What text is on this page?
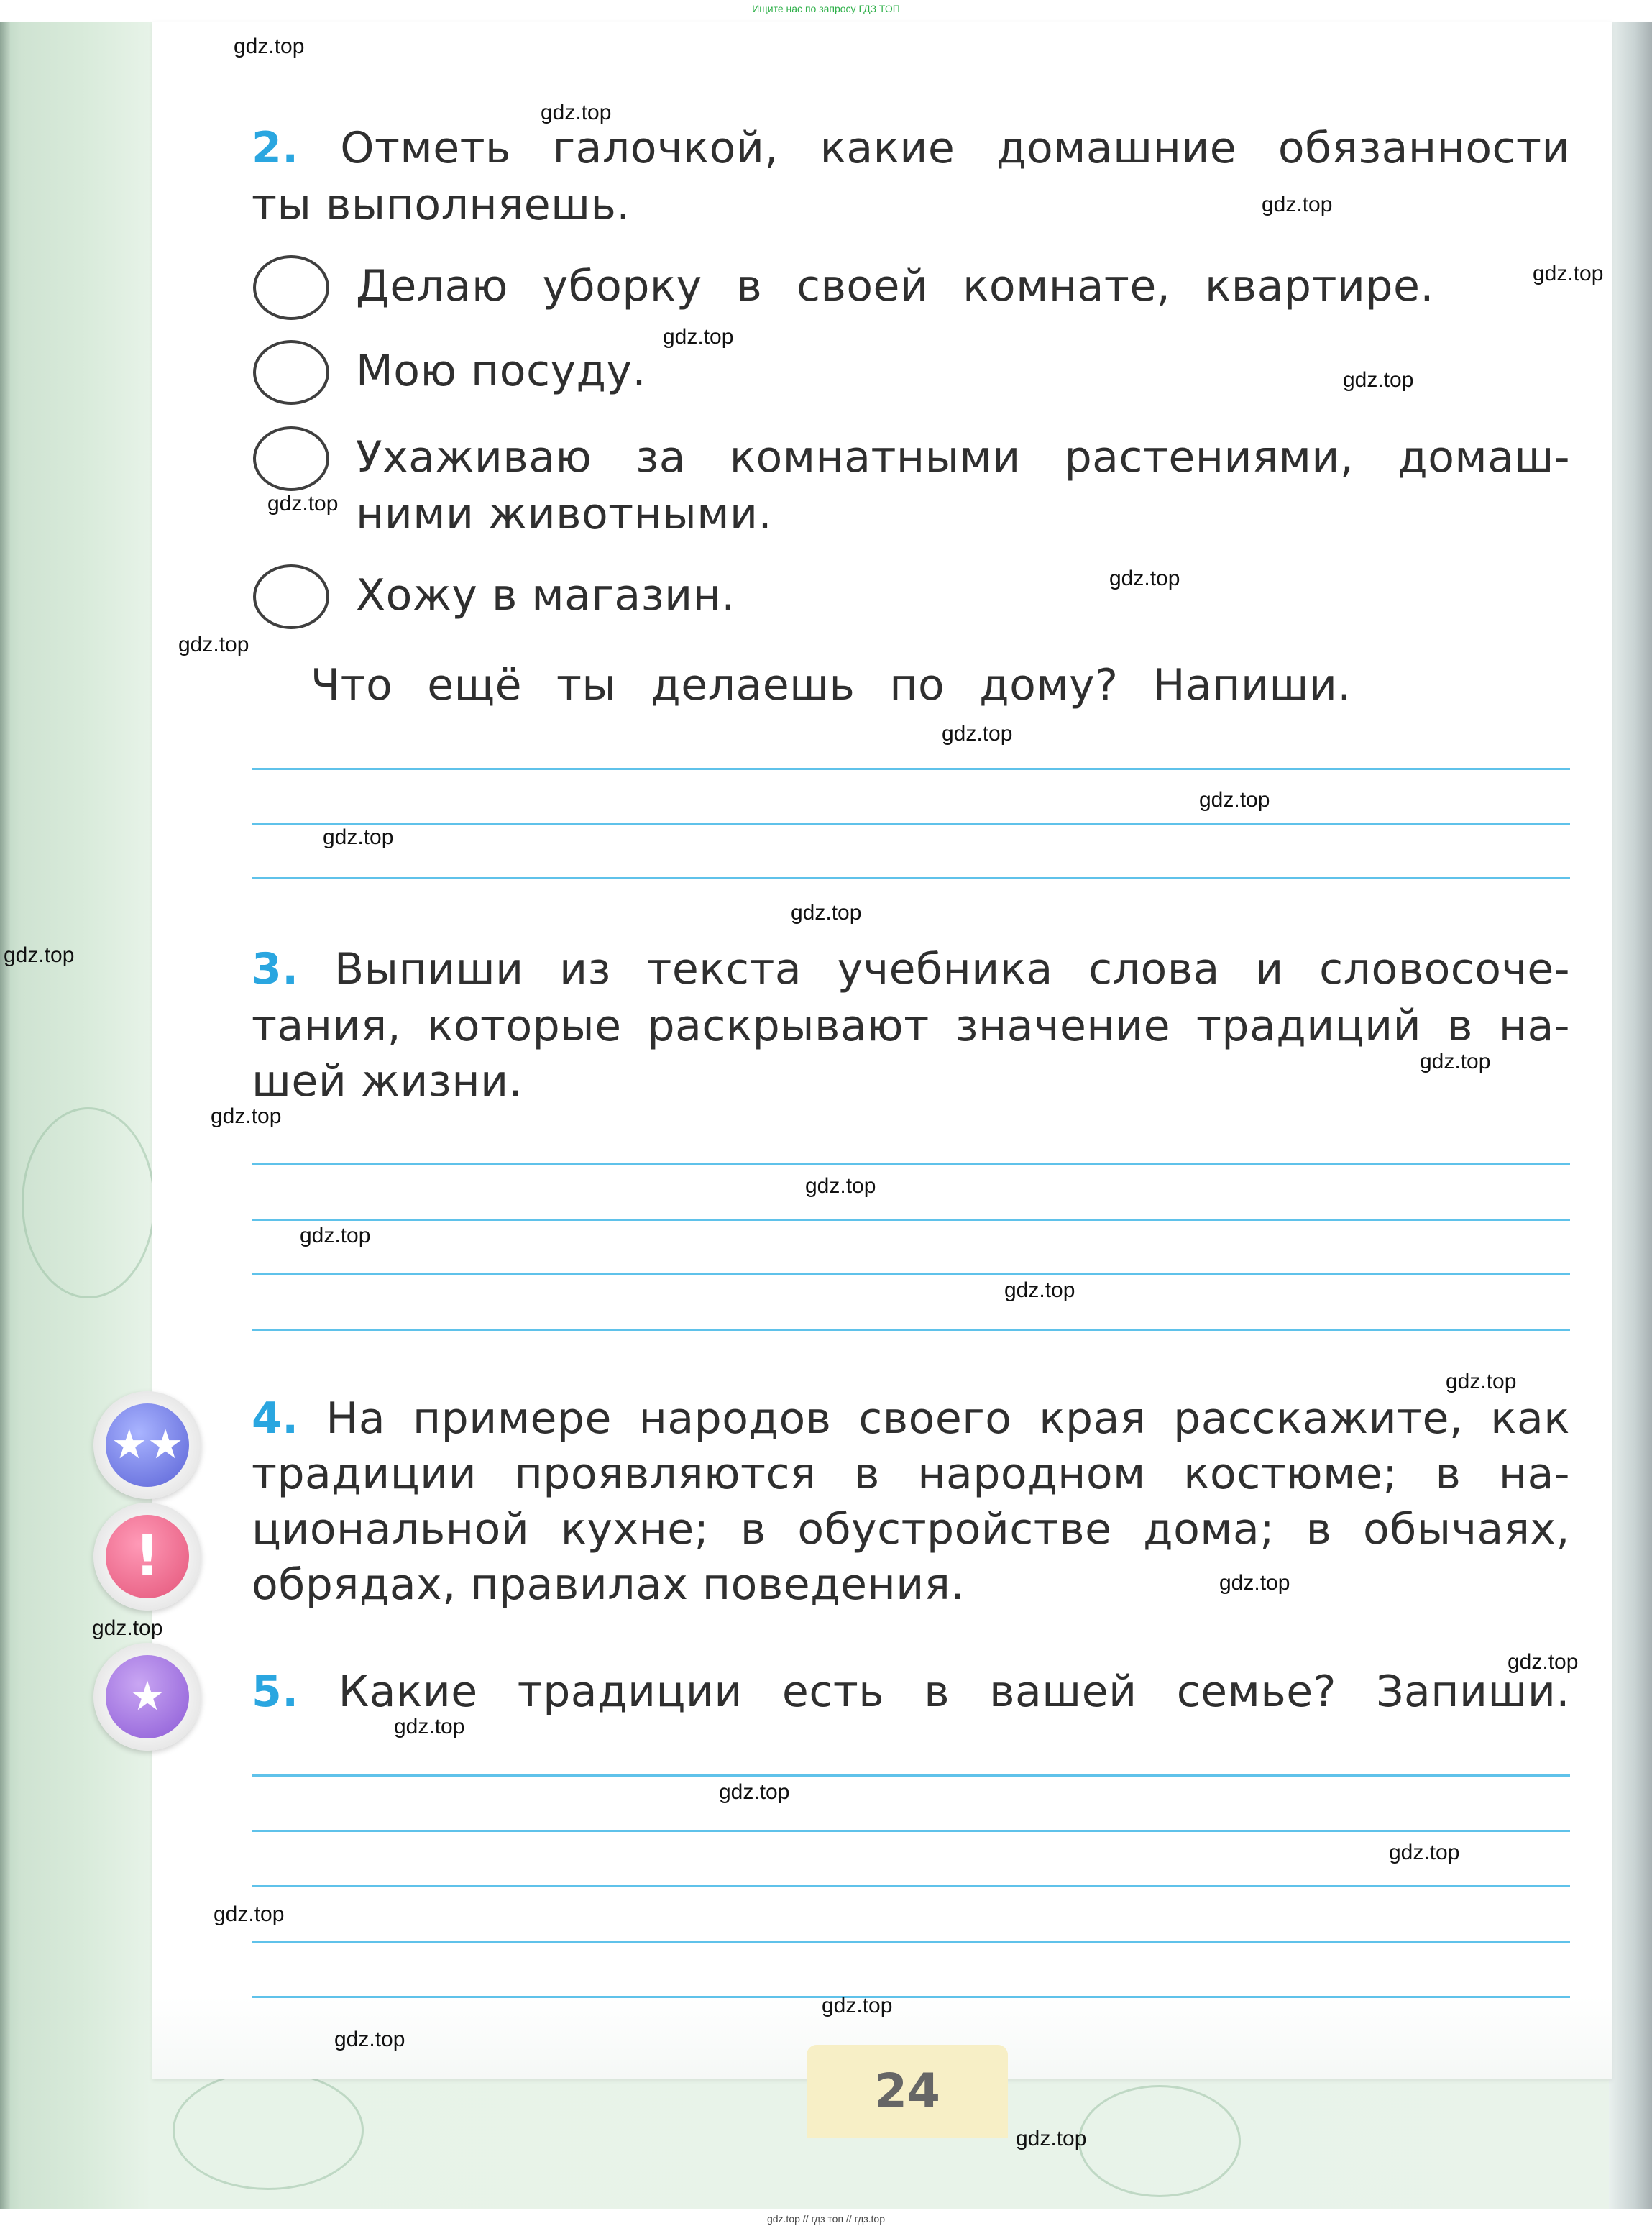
Ищите нас по запросу ГДЗ ТОП
2. Отметь галочкой, какие домашние обязанности
ты выполняешь.
Делаю уборку в своей комнате, квартире.
Мою посуду.
Ухаживаю за комнатными растениями, домаш-
ними животными.
Хожу в магазин.
Что ещё ты делаешь по дому? Напиши.
3. Выпиши из текста учебника слова и словосоче-
тания, которые раскрывают значение традиций в на-
шей жизни.
★★
!
★
4. На примере народов своего края расскажите, как
традиции проявляются в народном костюме; в на-
циональной кухне; в обустройстве дома; в обычаях,
обрядах, правилах поведения.
5. Какие традиции есть в вашей семье? Запиши.
24
gdz.top
gdz.top
gdz.top
gdz.top
gdz.top
gdz.top
gdz.top
gdz.top
gdz.top
gdz.top
gdz.top
gdz.top
gdz.top
gdz.top
gdz.top
gdz.top
gdz.top
gdz.top
gdz.top
gdz.top
gdz.top
gdz.top
gdz.top
gdz.top
gdz.top
gdz.top
gdz.top
gdz.top
gdz.top
gdz.top
gdz.top // гдз топ // гдз.top
